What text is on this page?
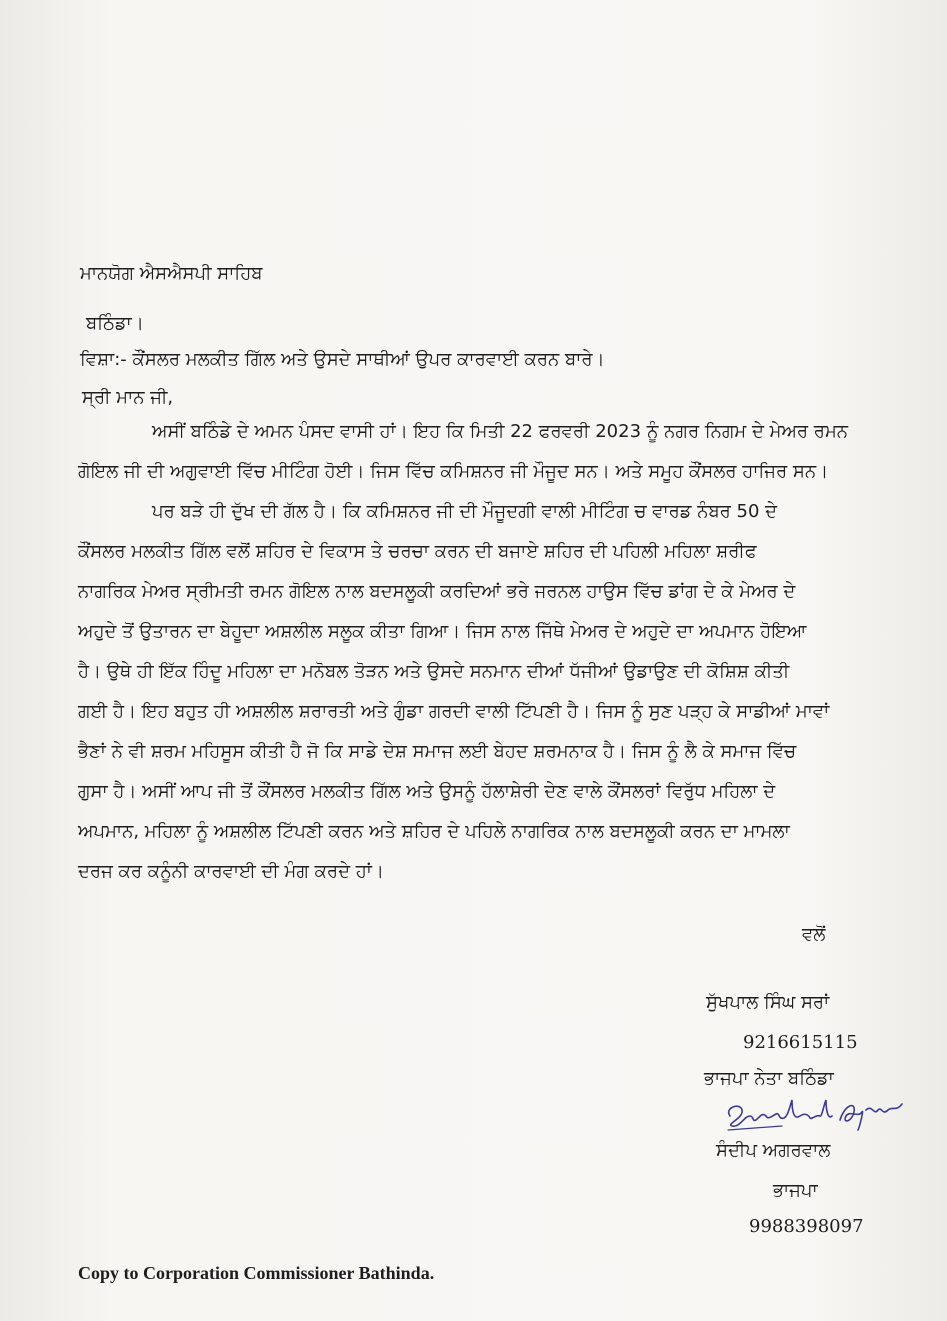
ਮਾਨਯੋਗ ਐਸਐਸਪੀ ਸਾਹਿਬ
ਬਠਿੰਡਾ।
ਵਿਸ਼ਾ:- ਕੌਂਸਲਰ ਮਲਕੀਤ ਗਿੱਲ ਅਤੇ ਉਸਦੇ ਸਾਥੀਆਂ ਉਪਰ ਕਾਰਵਾਈ ਕਰਨ ਬਾਰੇ।
ਸ੍ਰੀ ਮਾਨ ਜੀ,
ਅਸੀਂ ਬਠਿੰਡੇ ਦੇ ਅਮਨ ਪੰਸਦ ਵਾਸੀ ਹਾਂ। ਇਹ ਕਿ ਮਿਤੀ 22 ਫਰਵਰੀ 2023 ਨੂੰ ਨਗਰ ਨਿਗਮ ਦੇ ਮੇਅਰ ਰਮਨ
ਗੋਇਲ ਜੀ ਦੀ ਅਗੁਵਾਈ ਵਿੱਚ ਮੀਟਿੰਗ ਹੋਈ। ਜਿਸ ਵਿੱਚ ਕਮਿਸ਼ਨਰ ਜੀ ਮੌਜੂਦ ਸਨ। ਅਤੇ ਸਮੂਹ ਕੌਂਸਲਰ ਹਾਜਿਰ ਸਨ।
ਪਰ ਬੜੇ ਹੀ ਦੁੱਖ ਦੀ ਗੱਲ ਹੈ। ਕਿ ਕਮਿਸ਼ਨਰ ਜੀ ਦੀ ਮੌਜੂਦਗੀ ਵਾਲੀ ਮੀਟਿੰਗ ਚ ਵਾਰਡ ਨੰਬਰ 50 ਦੇ
ਕੌਂਸਲਰ ਮਲਕੀਤ ਗਿੱਲ ਵਲੋਂ ਸ਼ਹਿਰ ਦੇ ਵਿਕਾਸ ਤੇ ਚਰਚਾ ਕਰਨ ਦੀ ਬਜਾਏ ਸ਼ਹਿਰ ਦੀ ਪਹਿਲੀ ਮਹਿਲਾ ਸ਼ਰੀਫ
ਨਾਗਰਿਕ ਮੇਅਰ ਸ੍ਰੀਮਤੀ ਰਮਨ ਗੋਇਲ ਨਾਲ ਬਦਸਲੂਕੀ ਕਰਦਿਆਂ ਭਰੇ ਜਰਨਲ ਹਾਉਸ ਵਿੱਚ ਡਾਂਗ ਦੇ ਕੇ ਮੇਅਰ ਦੇ
ਅਹੁਦੇ ਤੋਂ ਉਤਾਰਨ ਦਾ ਬੇਹੂਦਾ ਅਸ਼ਲੀਲ ਸਲੂਕ ਕੀਤਾ ਗਿਆ। ਜਿਸ ਨਾਲ ਜਿੱਥੇ ਮੇਅਰ ਦੇ ਅਹੁਦੇ ਦਾ ਅਪਮਾਨ ਹੋਇਆ
ਹੈ। ਉਥੇ ਹੀ ਇੱਕ ਹਿੰਦੂ ਮਹਿਲਾ ਦਾ ਮਨੋਬਲ ਤੋੜਨ ਅਤੇ ਉਸਦੇ ਸਨਮਾਨ ਦੀਆਂ ਧੱਜੀਆਂ ਉਡਾਉਣ ਦੀ ਕੋਸ਼ਿਸ਼ ਕੀਤੀ
ਗਈ ਹੈ। ਇਹ ਬਹੁਤ ਹੀ ਅਸ਼ਲੀਲ ਸ਼ਰਾਰਤੀ ਅਤੇ ਗੁੰਡਾ ਗਰਦੀ ਵਾਲੀ ਟਿੱਪਣੀ ਹੈ। ਜਿਸ ਨੂੰ ਸੁਣ ਪੜ੍ਹ ਕੇ ਸਾਡੀਆਂ ਮਾਵਾਂ
ਭੈਣਾਂ ਨੇ ਵੀ ਸ਼ਰਮ ਮਹਿਸੂਸ ਕੀਤੀ ਹੈ ਜੋ ਕਿ ਸਾਡੇ ਦੇਸ਼ ਸਮਾਜ ਲਈ ਬੇਹਦ ਸ਼ਰਮਨਾਕ ਹੈ। ਜਿਸ ਨੂੰ ਲੈ ਕੇ ਸਮਾਜ ਵਿੱਚ
ਗੁਸਾ ਹੈ। ਅਸੀਂ ਆਪ ਜੀ ਤੋਂ ਕੌਂਸਲਰ ਮਲਕੀਤ ਗਿੱਲ ਅਤੇ ਉਸਨੂੰ ਹੱਲਾਸ਼ੇਰੀ ਦੇਣ ਵਾਲੇ ਕੌਂਸਲਰਾਂ ਵਿਰੁੱਧ ਮਹਿਲਾ ਦੇ
ਅਪਮਾਨ, ਮਹਿਲਾ ਨੂੰ ਅਸ਼ਲੀਲ ਟਿੱਪਣੀ ਕਰਨ ਅਤੇ ਸ਼ਹਿਰ ਦੇ ਪਹਿਲੇ ਨਾਗਰਿਕ ਨਾਲ ਬਦਸਲੂਕੀ ਕਰਨ ਦਾ ਮਾਮਲਾ
ਦਰਜ ਕਰ ਕਨੂੰਨੀ ਕਾਰਵਾਈ ਦੀ ਮੰਗ ਕਰਦੇ ਹਾਂ।
ਵਲੋਂ
ਸੁੱਖਪਾਲ ਸਿੰਘ ਸਰਾਂ
9216615115
ਭਾਜਪਾ ਨੇਤਾ ਬਠਿੰਡਾ
ਸੰਦੀਪ ਅਗਰਵਾਲ
ਭਾਜਪਾ
9988398097
Copy to Corporation Commissioner Bathinda.
